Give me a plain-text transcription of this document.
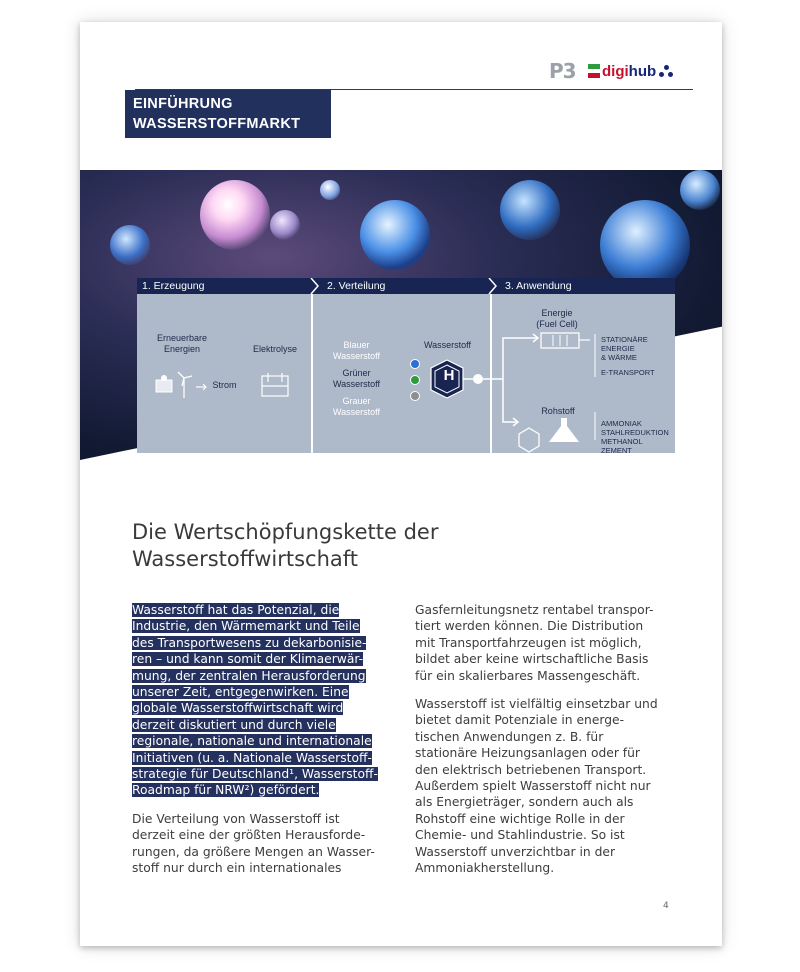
P3 digi hub
EINFÜHRUNG
WASSERSTOFFMARKT
1. Erzeugung	2. Verteilung	3. Anwendung
Erneuerbare
Energien	Elektrolyse
Strom
Blauer
Wasserstoff
Grüner
Wasserstoff
Grauer
Wasserstoff
Wasserstoff
H
Energie
(Fuel Cell)
STATIONÄRE
ENERGIE
& WÄRME
E-TRANSPORT
Rohstoff
AMMONIAK
STAHLREDUKTION
METHANOL
ZEMENT
Die Wertschöpfungskette der
Wasserstoffwirtschaft

Wasserstoff hat das Potenzial, die
Industrie, den Wärmemarkt und Teile
des Transportwesens zu dekarbonisie-
ren – und kann somit der Klimaerwär-
mung, der zentralen Herausforderung
unserer Zeit, entgegenwirken. Eine
globale Wasserstoffwirtschaft wird
derzeit diskutiert und durch viele
regionale, nationale und internationale
Initiativen (u. a. Nationale Wasserstoff-
strategie für Deutschland¹, Wasserstoff-
Roadmap für NRW²) gefördert.

Die Verteilung von Wasserstoff ist
derzeit eine der größten Herausforde-
rungen, da größere Mengen an Wasser-
stoff nur durch ein internationales

Gasfernleitungsnetz rentabel transpor-
tiert werden können. Die Distribution
mit Transportfahrzeugen ist möglich,
bildet aber keine wirtschaftliche Basis
für ein skalierbares Massengeschäft.

Wasserstoff ist vielfältig einsetzbar und
bietet damit Potenziale in energe-
tischen Anwendungen z. B. für
stationäre Heizungsanlagen oder für
den elektrisch betriebenen Transport.
Außerdem spielt Wasserstoff nicht nur
als Energieträger, sondern auch als
Rohstoff eine wichtige Rolle in der
Chemie- und Stahlindustrie. So ist
Wasserstoff unverzichtbar in der
Ammoniakherstellung.

4
